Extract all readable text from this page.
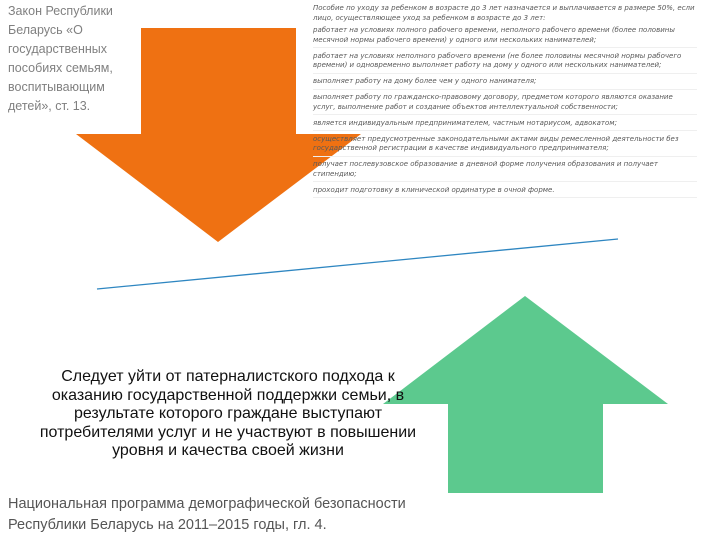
Закон Республики Беларусь «О государственных пособиях семьям, воспитывающим детей», ст. 13.
Пособие по уходу за ребенком в возрасте до 3 лет назначается и выплачивается в размере 50%, если лицо, осуществляющее уход за ребенком в возрасте до 3 лет:
работает на условиях полного рабочего времени, неполного рабочего времени (более половины месячной нормы рабочего времени) у одного или нескольких нанимателей;
работает на условиях неполного рабочего времени (не более половины месячной нормы рабочего времени) и одновременно выполняет работу на дому у одного или нескольких нанимателей;
выполняет работу на дому более чем у одного нанимателя;
выполняет работу по гражданско-правовому договору, предметом которого являются оказание услуг, выполнение работ и создание объектов интеллектуальной собственности;
является индивидуальным предпринимателем, частным нотариусом, адвокатом;
осуществляет предусмотренные законодательными актами виды ремесленной деятельности без государственной регистрации в качестве индивидуального предпринимателя;
получает послевузовское образование в дневной форме получения образования и получает стипендию;
проходит подготовку в клинической ординатуре в очной форме.
Следует уйти от патерналистского подхода к оказанию государственной поддержки семьи, в результате которого граждане выступают потребителями услуг и не участвуют в повышении уровня и качества своей жизни
Национальная программа демографической безопасности Республики Беларусь на 2011–2015 годы, гл. 4.
